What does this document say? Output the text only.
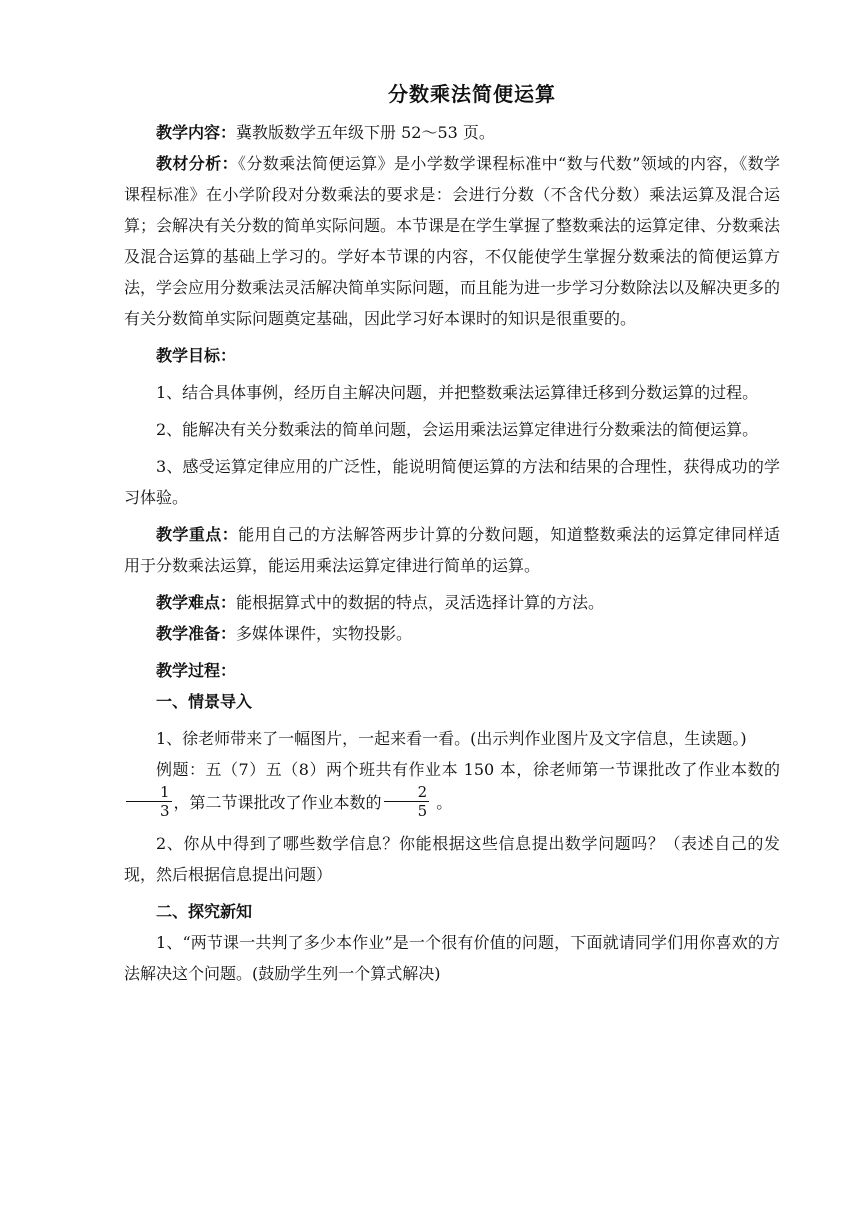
分数乘法简便运算

教学内容：冀教版数学五年级下册 52～53 页。

教材分析：《分数乘法简便运算》是小学数学课程标准中“数与代数”领域的内容，《数学课程标准》在小学阶段对分数乘法的要求是：会进行分数（不含代分数）乘法运算及混合运算；会解决有关分数的简单实际问题。本节课是在学生掌握了整数乘法的运算定律、分数乘法及混合运算的基础上学习的。学好本节课的内容，不仅能使学生掌握分数乘法的简便运算方法，学会应用分数乘法灵活解决简单实际问题，而且能为进一步学习分数除法以及解决更多的有关分数简单实际问题奠定基础，因此学习好本课时的知识是很重要的。

教学目标：

1、结合具体事例，经历自主解决问题，并把整数乘法运算律迁移到分数运算的过程。

2、能解决有关分数乘法的简单问题，会运用乘法运算定律进行分数乘法的简便运算。

3、感受运算定律应用的广泛性，能说明简便运算的方法和结果的合理性，获得成功的学习体验。

教学重点：能用自己的方法解答两步计算的分数问题，知道整数乘法的运算定律同样适用于分数乘法运算，能运用乘法运算定律进行简单的运算。

教学难点：能根据算式中的数据的特点，灵活选择计算的方法。

教学准备：多媒体课件，实物投影。

教学过程：

一、情景导入

1、徐老师带来了一幅图片，一起来看一看。(出示判作业图片及文字信息，生读题。)

例题：五（7）五（8）两个班共有作业本 150 本，徐老师第一节课批改了作业本数的
$\frac{1}{3}$ ，第二节课批改了作业本数的 $\frac{2}{5}$ 。

2、你从中得到了哪些数学信息？你能根据这些信息提出数学问题吗？（表述自己的发现，然后根据信息提出问题）

二、探究新知

1、“两节课一共判了多少本作业”是一个很有价值的问题，下面就请同学们用你喜欢的方法解决这个问题。(鼓励学生列一个算式解决)
